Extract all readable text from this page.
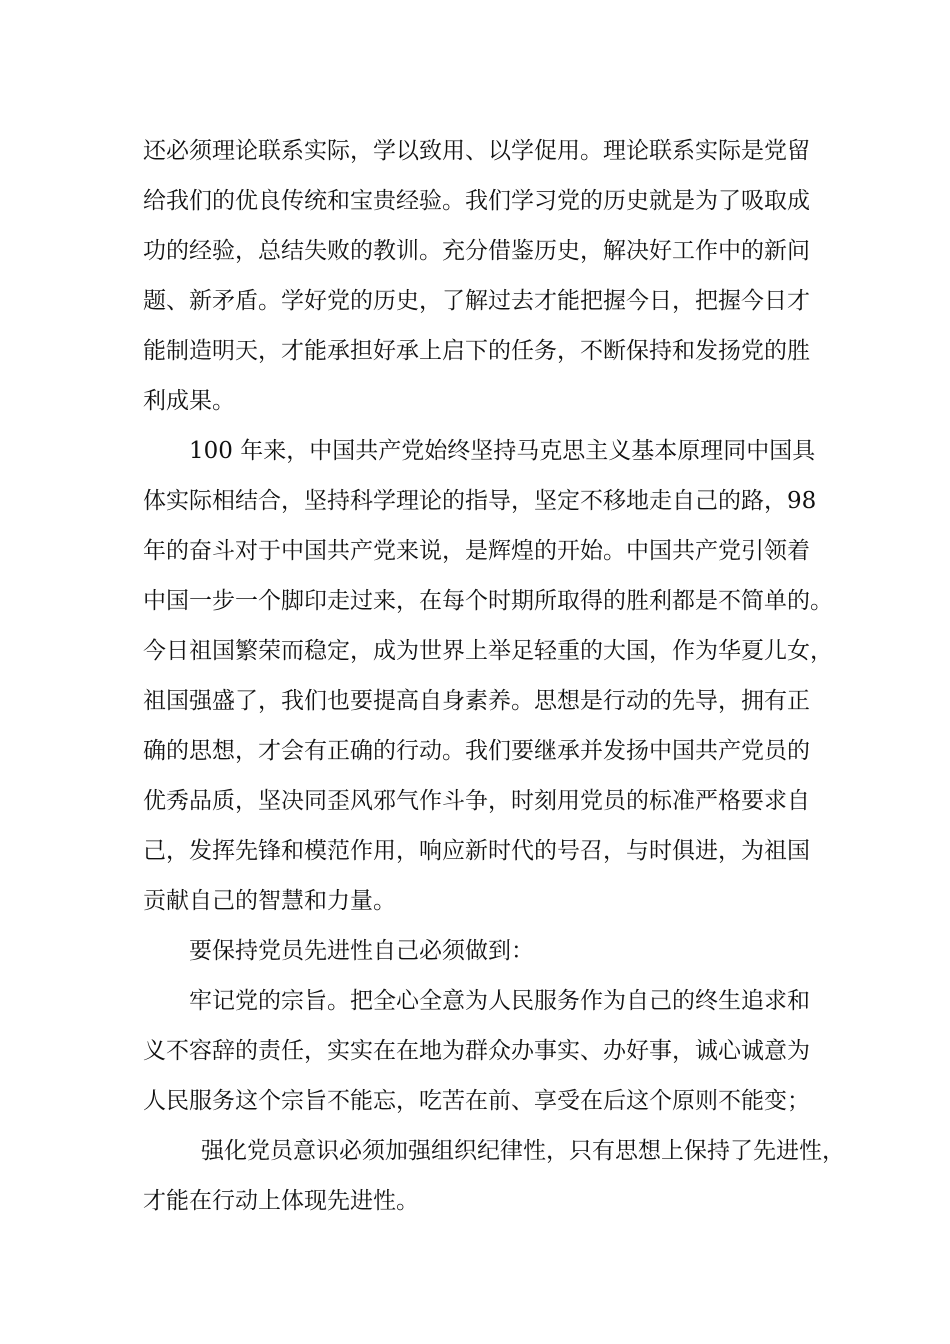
还必须理论联系实际，学以致用、以学促用。理论联系实际是党留
给我们的优良传统和宝贵经验。我们学习党的历史就是为了吸取成
功的经验，总结失败的教训。充分借鉴历史，解决好工作中的新问
题、新矛盾。学好党的历史，了解过去才能把握今日，把握今日才
能制造明天，才能承担好承上启下的任务，不断保持和发扬党的胜
利成果。
100 年来，中国共产党始终坚持马克思主义基本原理同中国具
体实际相结合，坚持科学理论的指导，坚定不移地走自己的路，98
年的奋斗对于中国共产党来说，是辉煌的开始。中国共产党引领着
中国一步一个脚印走过来，在每个时期所取得的胜利都是不简单的。
今日祖国繁荣而稳定，成为世界上举足轻重的大国，作为华夏儿女，
祖国强盛了，我们也要提高自身素养。思想是行动的先导，拥有正
确的思想，才会有正确的行动。我们要继承并发扬中国共产党员的
优秀品质，坚决同歪风邪气作斗争，时刻用党员的标准严格要求自
己，发挥先锋和模范作用，响应新时代的号召，与时俱进，为祖国
贡献自己的智慧和力量。
要保持党员先进性自己必须做到：
牢记党的宗旨。把全心全意为人民服务作为自己的终生追求和
义不容辞的责任，实实在在地为群众办事实、办好事，诚心诚意为
人民服务这个宗旨不能忘，吃苦在前、享受在后这个原则不能变；
强化党员意识必须加强组织纪律性，只有思想上保持了先进性，
才能在行动上体现先进性。
